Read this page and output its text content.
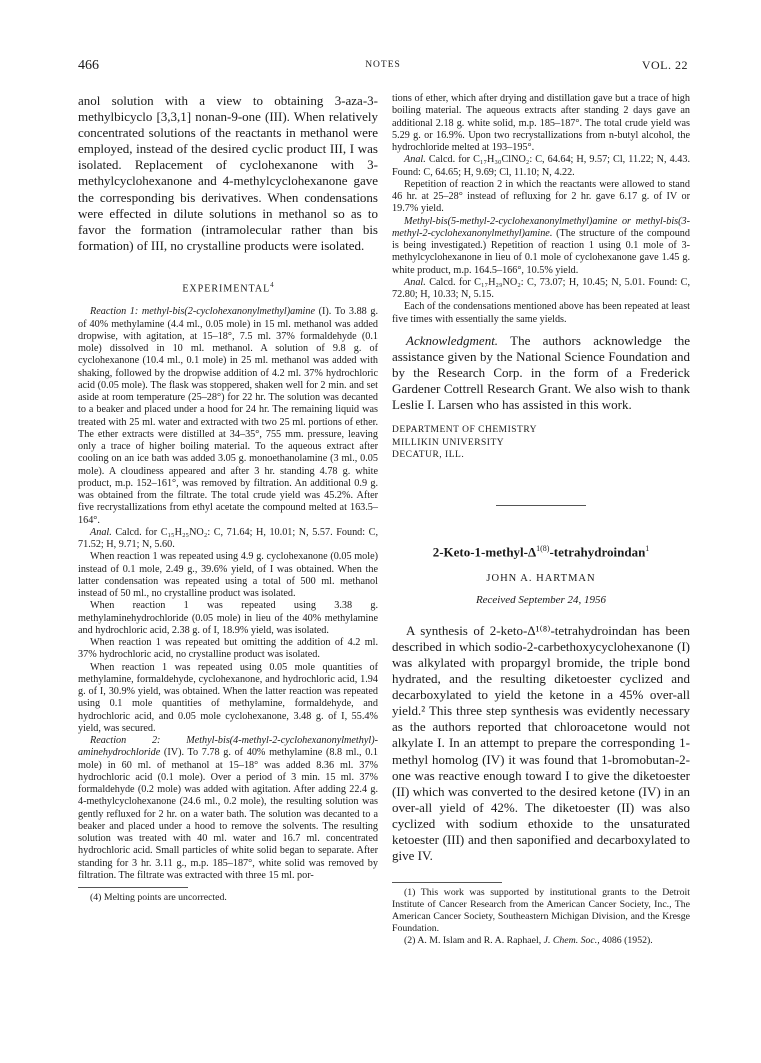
466	NOTES	VOL. 22

anol solution with a view to obtaining 3-aza-3-methylbicyclo [3,3,1] nonan-9-one (III). When relatively concentrated solutions of the reactants in methanol were employed, instead of the desired cyclic product III, I was isolated. Replacement of cyclohexanone with 3-methylcyclohexanone and 4-methylcyclohexanone gave the corresponding bis derivatives. When condensations were effected in dilute solutions in methanol so as to favor the formation (intramolecular rather than bis formation) of III, no crystalline products were isolated.

EXPERIMENTAL$^4$

Reaction 1: methyl-bis(2-cyclohexanonylmethyl)amine (I). To 3.88 g. of 40% methylamine (4.4 ml., 0.05 mole) in 15 ml. methanol was added dropwise, with agitation, at 15–18°, 7.5 ml. 37% formaldehyde (0.1 mole) dissolved in 10 ml. methanol. A solution of 9.8 g. of cyclohexanone (10.4 ml., 0.1 mole) in 25 ml. methanol was added with shaking, followed by the dropwise addition of 4.2 ml. 37% hydrochloric acid (0.05 mole). The flask was stoppered, shaken well for 2 min. and set aside at room temperature (25–28°) for 22 hr. The solution was decanted to a beaker and placed under a hood for 24 hr. The remaining liquid was treated with 25 ml. water and extracted with two 25 ml. portions of ether. The ether extracts were distilled at 34–35°, 755 mm. pressure, leaving only a trace of higher boiling material. To the aqueous extract after cooling on an ice bath was added 3.05 g. monoethanolamine (3 ml., 0.05 mole). A cloudiness appeared and after 3 hr. standing 4.78 g. white product, m.p. 152–161°, was removed by filtration. An additional 0.9 g. was obtained from the filtrate. The total crude yield was 45.2%. After five recrystallizations from ethyl acetate the compound melted at 163.5–164°.

Anal. Calcd. for C₁₅H₂₅NO₂: C, 71.64; H, 10.01; N, 5.57. Found: C, 71.52; H, 9.71; N, 5.60.

When reaction 1 was repeated using 4.9 g. cyclohexanone (0.05 mole) instead of 0.1 mole, 2.49 g., 39.6% yield, of I was obtained. When the latter condensation was repeated using a total of 500 ml. methanol instead of 50 ml., no crystalline product was isolated.

When reaction 1 was repeated using 3.38 g. methylaminehydrochloride (0.05 mole) in lieu of the 40% methylamine and hydrochloric acid, 2.38 g. of I, 18.9% yield, was isolated.

When reaction 1 was repeated but omitting the addition of 4.2 ml. 37% hydrochloric acid, no crystalline product was isolated.

When reaction 1 was repeated using 0.05 mole quantities of methylamine, formaldehyde, cyclohexanone, and hydrochloric acid, 1.94 g. of I, 30.9% yield, was obtained. When the latter reaction was repeated using 0.1 mole quantities of methylamine, formaldehyde, and hydrochloric acid, and 0.05 mole cyclohexanone, 3.48 g. of I, 55.4% yield, was secured.

Reaction 2:	Methyl-bis(4-methyl-2-cyclohexanonylmethyl)-aminehydrochloride (IV). To 7.78 g. of 40% methylamine (8.8 ml., 0.1 mole) in 60 ml. of methanol at 15–18° was added 8.36 ml. 37% hydrochloric acid (0.1 mole). Over a period of 3 min. 15 ml. 37% formaldehyde (0.2 mole) was added with agitation. After adding 22.4 g. 4-methylcyclohexanone (24.6 ml., 0.2 mole), the resulting solution was gently refluxed for 2 hr. on a water bath. The solution was decanted to a beaker and placed under a hood to remove the solvents. The resulting solution was treated with 40 ml. water and 16.7 ml. concentrated hydrochloric acid. Small particles of white solid began to separate. After standing for 3 hr. 3.11 g., m.p. 185–187°, white solid was removed by filtration. The filtrate was extracted with three 15 ml. por-

(4) Melting points are uncorrected.

tions of ether, which after drying and distillation gave but a trace of high boiling material. The aqueous extracts after standing 2 days gave an additional 2.18 g. white solid, m.p. 185–187°. The total crude yield was 5.29 g. or 16.9%. Upon two recrystallizations from n-butyl alcohol, the hydrochloride melted at 193–195°.

Anal. Calcd. for C₁₇H₃₀ClNO₂: C, 64.64; H, 9.57; Cl, 11.22; N, 4.43. Found: C, 64.65; H, 9.69; Cl, 11.10; N, 4.22.

Repetition of reaction 2 in which the reactants were allowed to stand 46 hr. at 25–28° instead of refluxing for 2 hr. gave 6.17 g. of IV or 19.7% yield.

Methyl-bis(5-methyl-2-cyclohexanonylmethyl)amine or methyl-bis(3-methyl-2-cyclohexanonylmethyl)amine. (The structure of the compound is being investigated.) Repetition of reaction 1 using 0.1 mole of 3-methylcyclohexanone in lieu of 0.1 mole of cyclohexanone gave 1.45 g. white product, m.p. 164.5–166°, 10.5% yield.

Anal. Calcd. for C₁₇H₂₉NO₂: C, 73.07; H, 10.45; N, 5.01. Found: C, 72.80; H, 10.33; N, 5.15.

Each of the condensations mentioned above has been repeated at least five times with essentially the same yields.

Acknowledgment. The authors acknowledge the assistance given by the National Science Foundation and by the Research Corp. in the form of a Frederick Gardener Cottrell Research Grant. We also wish to thank Leslie I. Larsen who has assisted in this work.

DEPARTMENT OF CHEMISTRY
MILLIKIN UNIVERSITY
DECATUR, ILL.
$2-Keto-1-methyl-\Delta^{1(8)}-tetrahydroindan^1$
JOHN A. HARTMAN
Received September 24, 1956

A synthesis of 2-keto-Δ¹⁽⁸⁾-tetrahydroindan has been described in which sodio-2-carbethoxycyclohexanone (I) was alkylated with propargyl bromide, the triple bond hydrated, and the resulting diketoester cyclized and decarboxylated to yield the ketone in a 45% over-all yield.² This three step synthesis was evidently necessary as the authors reported that chloroacetone would not alkylate I. In an attempt to prepare the corresponding 1-methyl homolog (IV) it was found that 1-bromobutan-2-one was reactive enough toward I to give the diketoester (II) which was converted to the desired ketone (IV) in an over-all yield of 42%. The diketoester (II) was also cyclized with sodium ethoxide to the unsaturated ketoester (III) and then saponified and decarboxylated to give IV.

(1) This work was supported by institutional grants to the Detroit Institute of Cancer Research from the American Cancer Society, Inc., The American Cancer Society, Southeastern Michigan Division, and the Kresge Foundation.

(2) A. M. Islam and R. A. Raphael, J. Chem. Soc., 4086 (1952).
